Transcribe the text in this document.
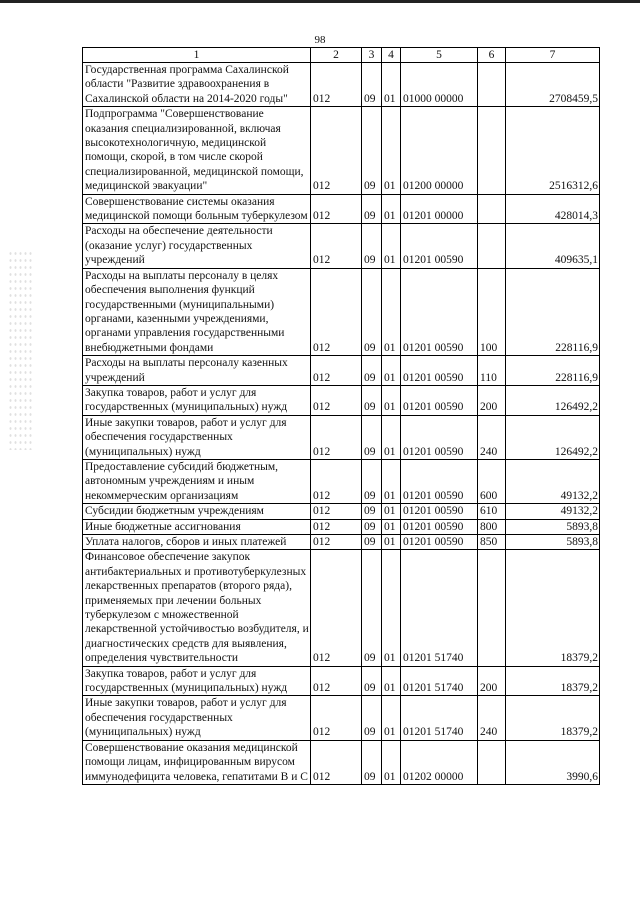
98
1	2	3	4	5	6	7
Государственная программа Сахалинской области "Развитие здравоохранения в Сахалинской области на 2014-2020 годы"	012	09	01	01000 00000		2708459,5
Подпрограмма "Совершенствование оказания специализированной, включая высокотехнологичную, медицинской помощи, скорой, в том числе скорой специализированной, медицинской помощи, медицинской эвакуации"	012	09	01	01200 00000		2516312,6
Совершенствование системы оказания медицинской помощи больным туберкулезом	012	09	01	01201 00000		428014,3
Расходы на обеспечение деятельности (оказание услуг) государственных учреждений	012	09	01	01201 00590		409635,1
Расходы на выплаты персоналу в целях обеспечения выполнения функций государственными (муниципальными) органами, казенными учреждениями, органами управления государственными внебюджетными фондами	012	09	01	01201 00590	100	228116,9
Расходы на выплаты персоналу казенных учреждений	012	09	01	01201 00590	110	228116,9
Закупка товаров, работ и услуг для государственных (муниципальных) нужд	012	09	01	01201 00590	200	126492,2
Иные закупки товаров, работ и услуг для обеспечения государственных (муниципальных) нужд	012	09	01	01201 00590	240	126492,2
Предоставление субсидий бюджетным, автономным учреждениям и иным некоммерческим организациям	012	09	01	01201 00590	600	49132,2
Субсидии бюджетным учреждениям	012	09	01	01201 00590	610	49132,2
Иные бюджетные ассигнования	012	09	01	01201 00590	800	5893,8
Уплата налогов, сборов и иных платежей	012	09	01	01201 00590	850	5893,8
Финансовое обеспечение закупок антибактериальных и противотуберкулезных лекарственных препаратов (второго ряда), применяемых при лечении больных туберкулезом с множественной лекарственной устойчивостью возбудителя, и диагностических средств для выявления, определения чувствительности	012	09	01	01201 51740		18379,2
Закупка товаров, работ и услуг для государственных (муниципальных) нужд	012	09	01	01201 51740	200	18379,2
Иные закупки товаров, работ и услуг для обеспечения государственных (муниципальных) нужд	012	09	01	01201 51740	240	18379,2
Совершенствование оказания медицинской помощи лицам, инфицированным вирусом иммунодефицита человека, гепатитами В и С	012	09	01	01202 00000		3990,6
